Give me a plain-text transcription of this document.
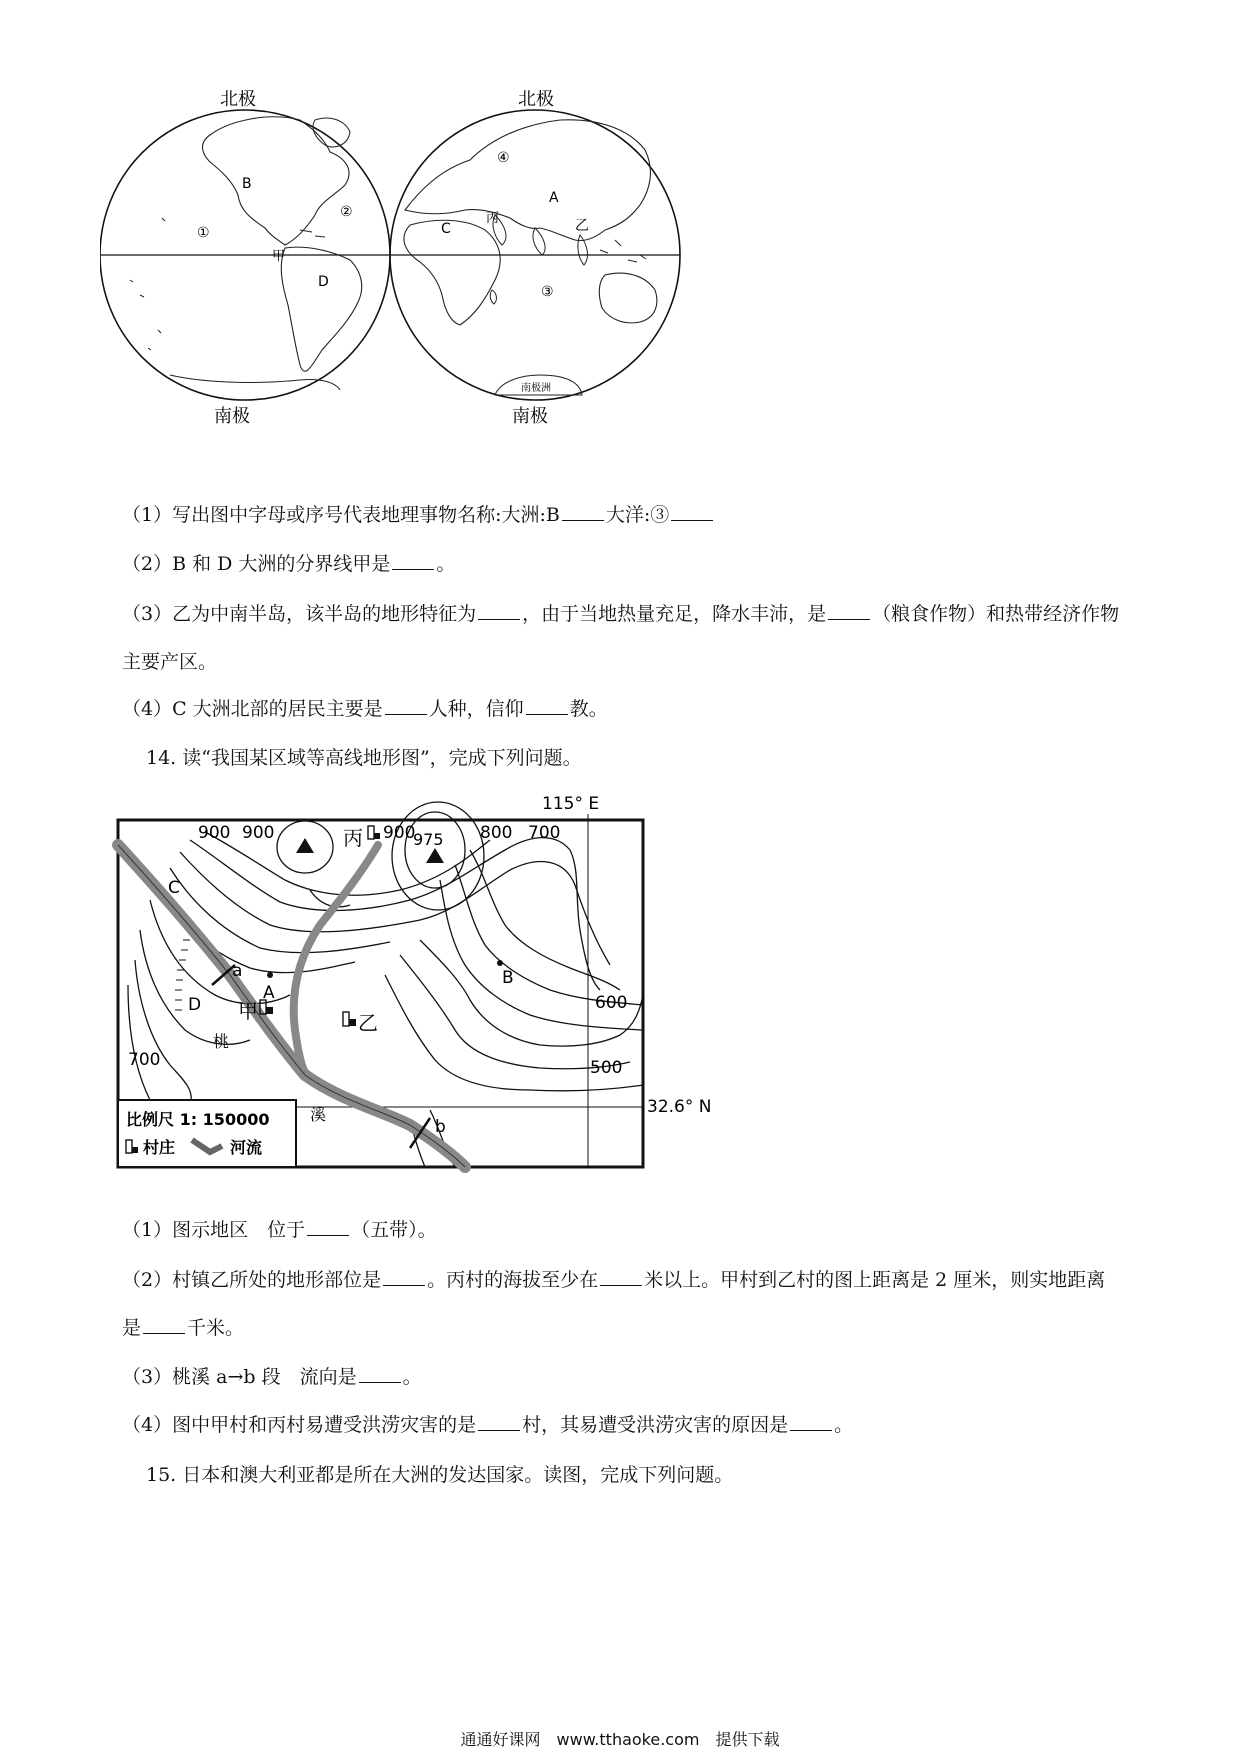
北极	北极
南极	南极
B
①
②
甲
D
④
A
丙
C	乙
③
南极洲
（1）写出图中字母或序号代表地理事物名称:大洲:B 大洋:③
（2）B 和 D 大洲的分界线甲是 。
（3）乙为中南半岛，该半岛的地形特征为 ，由于当地热量充足，降水丰沛，是 （粮食作物）和热带经济作物主要产区。
（4）C 大洲北部的居民主要是 人种，信仰 教。
14. 读“我国某区域等高线地形图”，完成下列问题。
900 900	900	800 700
975
600
500
700
115° E
32.6° N
C
D
A
B
a
b
丙
甲	乙
桃
溪
比例尺 1: 150000
村庄	河流
（1）图示地区　位于 （五带）。
（2）村镇乙所处的地形部位是 。丙村的海拔至少在 米以上。甲村到乙村的图上距离是 2 厘米，则实地距离是 千米。
（3）桃溪 a→b 段　流向是 。
（4）图中甲村和丙村易遭受洪涝灾害的是 村，其易遭受洪涝灾害的原因是 。
15. 日本和澳大利亚都是所在大洲的发达国家。读图，完成下列问题。
通通好课网　www.tthaoke.com　提供下载
